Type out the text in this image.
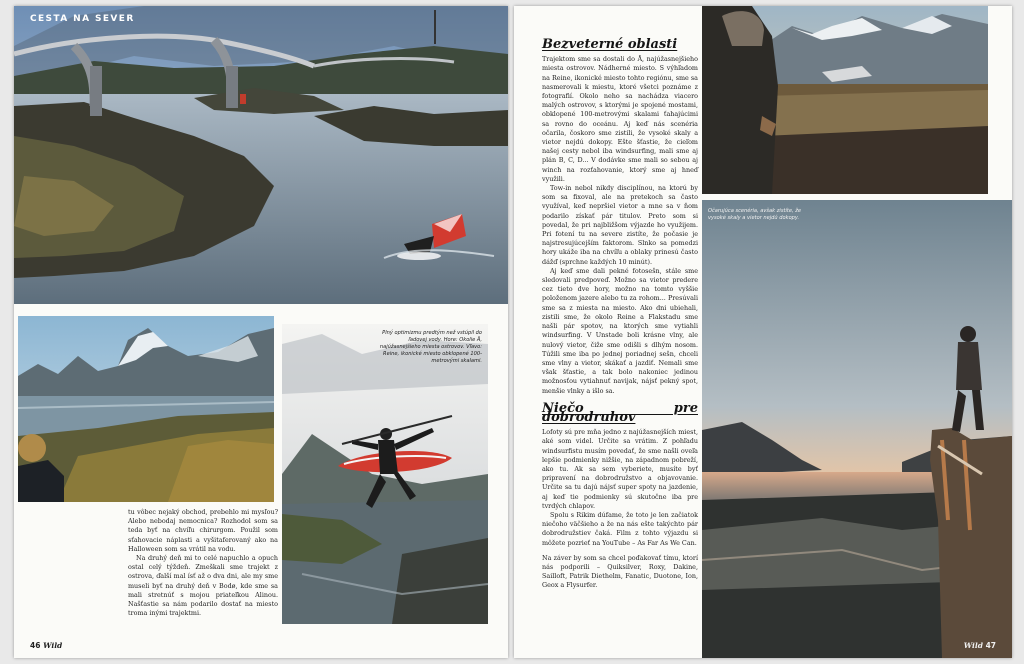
CESTA NA SEVER
Plný optimizmu predtým než vstúpil do ľadovej vody. Hore: Okolie Å, najúžasnejšieho miesta ostrovov. Vľavo: Reine, ikonické miesto obklopené 100-metrovými skalami.

tu vôbec nejaký obchod, prebehlo mi mysľou? Alebo nebodaj nemocnica? Rozhodol som sa teda byť na chvíľu chirurgom. Použil som sťahovacie náplasti a vyšitaferovaný ako na Halloween som sa vrátil na vodu.

Na druhý deň mi to celé napuchlo a opuch ostal celý týždeň. Zmeškali sme trajekt z ostrova, ďalší mal ísť až o dva dni, ale my sme museli byť na druhý deň v Bodø, kde sme sa mali stretnúť s mojou priateľkou Alinou. Našťastie sa nám podarilo dostať na miesto troma inými trajektmi.

46 Wild
Bezveterné oblasti

Trajektom sme sa dostali do Å, najúžasnejšieho miesta ostrovov. Nádherné miesto. S výhľadom na Reine, ikonické miesto tohto regiónu, sme sa nasmerovali k miestu, ktoré všetci poznáme z fotografií. Okolo neho sa nachádza viacero malých ostrovov, s ktorými je spojené mostami, obklopené 100-metrovými skalami ťahajúcimi sa rovno do oceánu. Aj keď nás scenéria očarila, čoskoro sme zistili, že vysoké skaly a vietor nejdú dokopy. Ešte šťastie, že cieľom našej cesty nebol iba windsurfing, mali sme aj plán B, C, D... V dodávke sme mali so sebou aj winch na rozťahovanie, ktorý sme aj hneď využili.

Tow-in nebol nikdy disciplínou, na ktorú by som sa fixoval, ale na pretekoch sa často využíval, keď nepršiel vietor a mne sa v ňom podarilo získať pár titulov. Preto som si povedal, že pri najbližšom výjazde ho využijem. Pri fotení tu na severe zistíte, že počasie je najstresujúcejším faktorom. Slnko sa pomedzi hory ukáže iba na chvíľu a oblaky prinesú často dážď (sprchne každých 10 minút).

Aj keď sme dali pekné fotosešn, stále sme sledovali predpoveď. Možno sa vietor predere cez tieto dve hory, možno na tomto vyššie položenom jazere alebo tu za rohom... Presúvali sme sa z miesta na miesto. Ako dni ubiehali, zistili sme, že okolo Reine a Flakstadu sme našli pár spotov, na ktorých sme vytiahli windsurfing. V Unstade boli krásne vlny, ale nulový vietor, čiže sme odišli s dlhým nosom. Túžili sme iba po jednej poriadnej sešn, chceli sme vlny a vietor, skákať a jazdiť. Nemali sme však šťastie, a tak bolo nakoniec jedinou možnosťou vytiahnuť navijak, nájsť pekný spot, menšie vlnky a išlo sa.

Niečo pre dobrodruhov

Lofoty sú pre mňa jedno z najúžasnejších miest, aké som videl. Určite sa vrátim. Z pohľadu windsurfistu musím povedať, že sme našli oveľa lepšie podmienky nižšie, na západnom pobreží, ako tu. Ak sa sem vyberiete, musíte byť pripravení na dobrodružstvo a objavovanie. Určite sa tu dajú nájsť super spoty na jazdenie, aj keď tie podmienky sú skutočne iba pre tvrdých chlapov.

Spolu s Rikim dúfame, že toto je len začiatok niečoho väčšieho a že na nás ešte takýchto pár dobrodružstiev čaká. Film z tohto výjazdu si môžete pozrieť na YouTube – As Far As We Can.

Na záver by som sa chcel poďakovať tímu, ktorí nás podporili – Quiksilver, Roxy, Dakine, Sailloft, Patrik Diethelm, Fanatic, Duotone, Ion, Geox a Flysurfer.

Očarujúca scenéria, avšak zistíte, že vysoké skaly a vietor nejdú dokopy.
Wild 47
